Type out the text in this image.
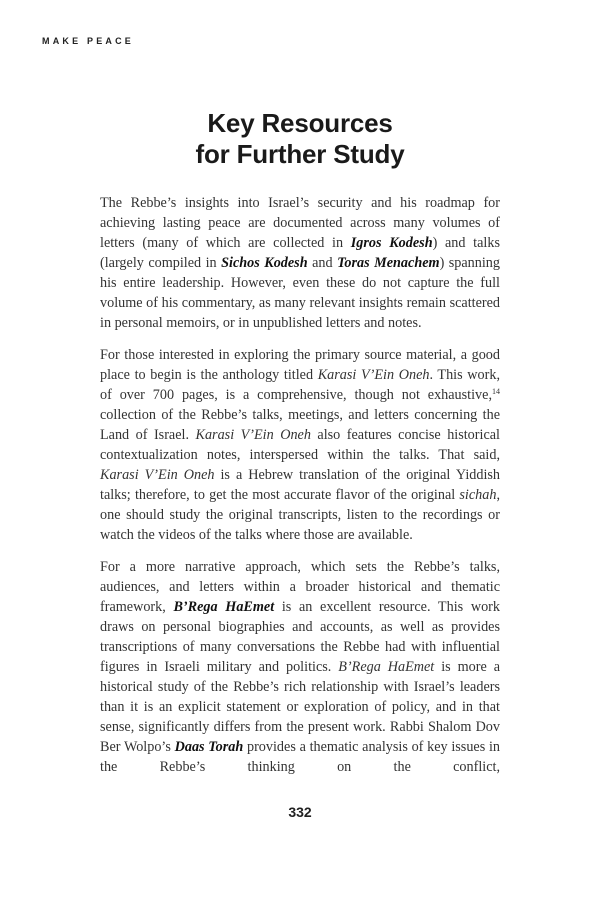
MAKE PEACE
Key Resources
for Further Study

The Rebbe’s insights into Israel’s security and his roadmap for achieving lasting peace are documented across many volumes of letters (many of which are collected in Igros Kodesh) and talks (largely compiled in Sichos Kodesh and Toras Menachem) spanning his entire leadership. However, even these do not capture the full volume of his commentary, as many relevant insights remain scattered in personal memoirs, or in unpublished letters and notes.

For those interested in exploring the primary source material, a good place to begin is the anthology titled Karasi V’Ein Oneh. This work, of over 700 pages, is a comprehensive, though not exhaustive,$^{14}$ collection of the Rebbe’s talks, meetings, and letters concerning the Land of Israel. Karasi V’Ein Oneh also features concise historical contextualization notes, interspersed within the talks. That said, Karasi V’Ein Oneh is a Hebrew translation of the original Yiddish talks; therefore, to get the most accurate flavor of the original sichah, one should study the original transcripts, listen to the recordings or watch the videos of the talks where those are available.

For a more narrative approach, which sets the Rebbe’s talks, audiences, and letters within a broader historical and thematic framework, B’Rega HaEmet is an excellent resource. This work draws on personal biographies and accounts, as well as provides transcriptions of many conversations the Rebbe had with influential figures in Israeli military and politics. B’Rega HaEmet is more a historical study of the Rebbe’s rich relationship with Israel’s leaders than it is an explicit statement or exploration of policy, and in that sense, significantly differs from the present work. Rabbi Shalom Dov Ber Wolpo’s Daas Torah provides a thematic analysis of key issues in the Rebbe’s thinking on the conflict,

332
